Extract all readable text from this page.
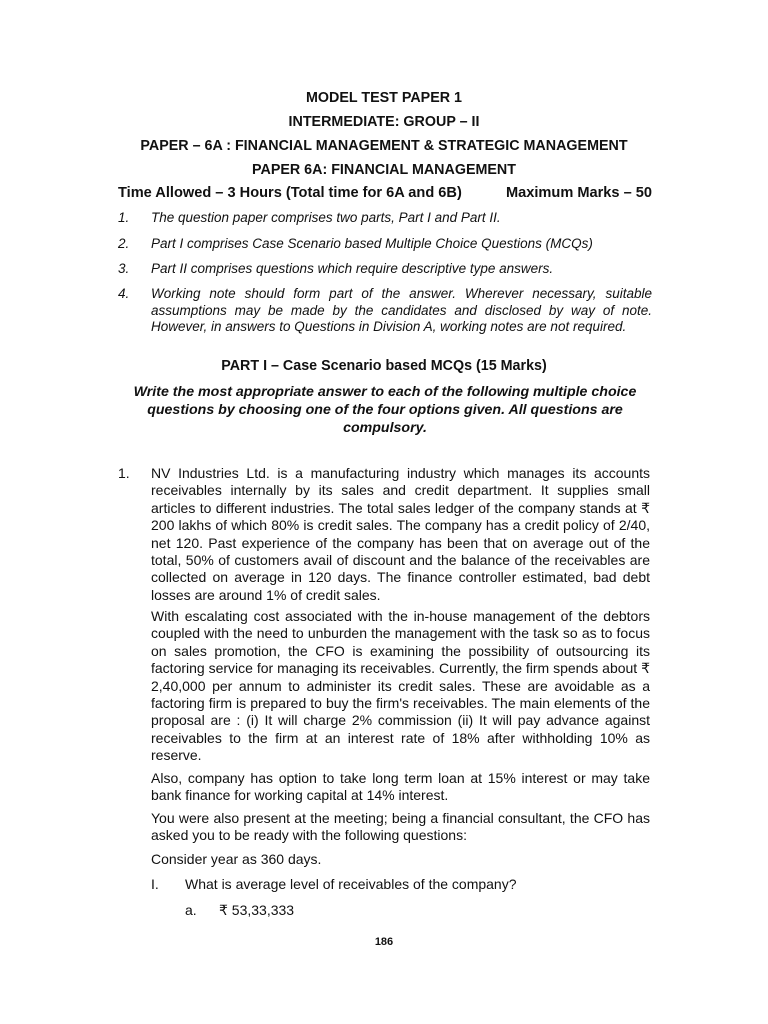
MODEL TEST PAPER 1
INTERMEDIATE: GROUP – II
PAPER – 6A : FINANCIAL MANAGEMENT & STRATEGIC MANAGEMENT
PAPER 6A: FINANCIAL MANAGEMENT
Time Allowed – 3 Hours (Total time for 6A and 6B)	Maximum Marks – 50
1. The question paper comprises two parts, Part I and Part II.
2. Part I comprises Case Scenario based Multiple Choice Questions (MCQs)
3. Part II comprises questions which require descriptive type answers.
4. Working note should form part of the answer. Wherever necessary, suitable assumptions may be made by the candidates and disclosed by way of note. However, in answers to Questions in Division A, working notes are not required.
PART I – Case Scenario based MCQs (15 Marks)
Write the most appropriate answer to each of the following multiple choice questions by choosing one of the four options given. All questions are compulsory.
1. NV Industries Ltd. is a manufacturing industry which manages its accounts receivables internally by its sales and credit department. It supplies small articles to different industries. The total sales ledger of the company stands at ₹ 200 lakhs of which 80% is credit sales. The company has a credit policy of 2/40, net 120. Past experience of the company has been that on average out of the total, 50% of customers avail of discount and the balance of the receivables are collected on average in 120 days. The finance controller estimated, bad debt losses are around 1% of credit sales.
With escalating cost associated with the in-house management of the debtors coupled with the need to unburden the management with the task so as to focus on sales promotion, the CFO is examining the possibility of outsourcing its factoring service for managing its receivables. Currently, the firm spends about ₹ 2,40,000 per annum to administer its credit sales. These are avoidable as a factoring firm is prepared to buy the firm's receivables. The main elements of the proposal are : (i) It will charge 2% commission (ii) It will pay advance against receivables to the firm at an interest rate of 18% after withholding 10% as reserve.
Also, company has option to take long term loan at 15% interest or may take bank finance for working capital at 14% interest.
You were also present at the meeting; being a financial consultant, the CFO has asked you to be ready with the following questions:
Consider year as 360 days.
I. What is average level of receivables of the company?
a. ₹ 53,33,333
186
